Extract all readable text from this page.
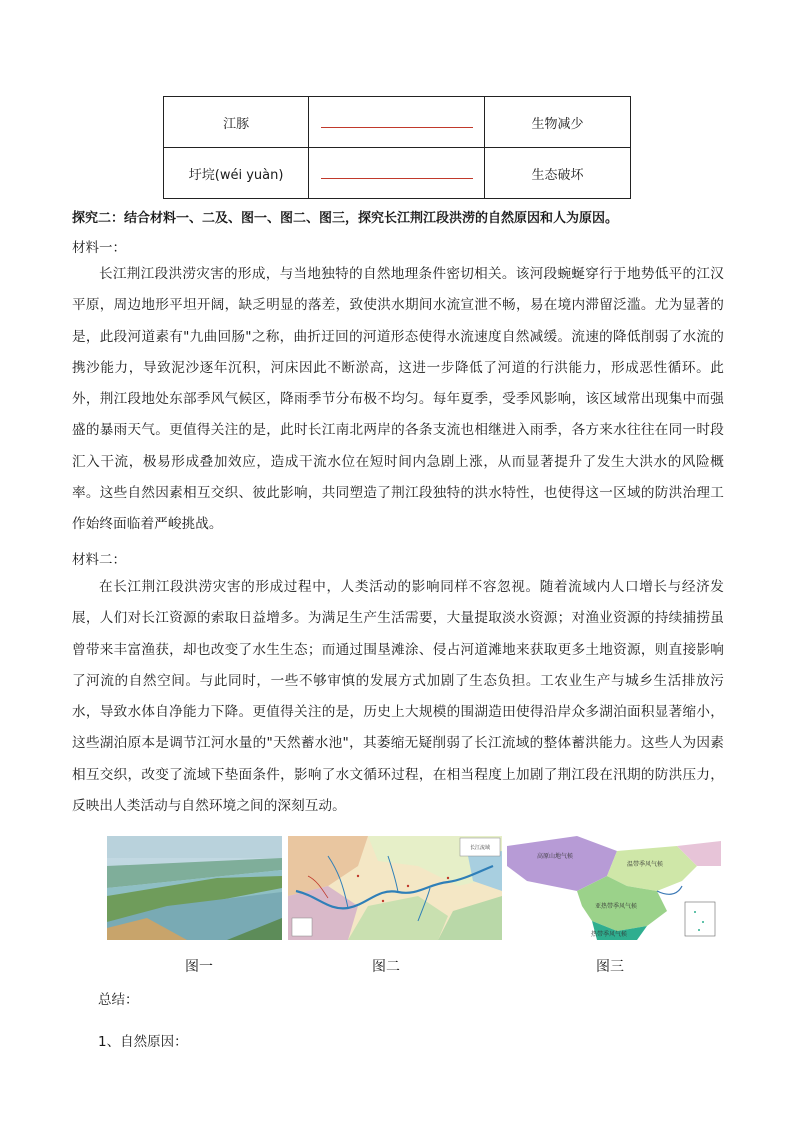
江豚		生物减少
圩垸(wéi yuàn)		生态破坏
探究二：结合材料一、二及、图一、图二、图三，探究长江荆江段洪涝的自然原因和人为原因。
材料一：

长江荆江段洪涝灾害的形成，与当地独特的自然地理条件密切相关。该河段蜿蜒穿行于地势低平的江汉平原，周边地形平坦开阔，缺乏明显的落差，致使洪水期间水流宣泄不畅，易在境内滞留泛滥。尤为显著的是，此段河道素有"九曲回肠"之称，曲折迂回的河道形态使得水流速度自然减缓。流速的降低削弱了水流的携沙能力，导致泥沙逐年沉积，河床因此不断淤高，这进一步降低了河道的行洪能力，形成恶性循环。此外，荆江段地处东部季风气候区，降雨季节分布极不均匀。每年夏季，受季风影响，该区域常出现集中而强盛的暴雨天气。更值得关注的是，此时长江南北两岸的各条支流也相继进入雨季，各方来水往往在同一时段汇入干流，极易形成叠加效应，造成干流水位在短时间内急剧上涨，从而显著提升了发生大洪水的风险概率。这些自然因素相互交织、彼此影响，共同塑造了荆江段独特的洪水特性，也使得这一区域的防洪治理工作始终面临着严峻挑战。

材料二：

在长江荆江段洪涝灾害的形成过程中，人类活动的影响同样不容忽视。随着流域内人口增长与经济发展，人们对长江资源的索取日益增多。为满足生产生活需要，大量提取淡水资源；对渔业资源的持续捕捞虽曾带来丰富渔获，却也改变了水生生态；而通过围垦滩涂、侵占河道滩地来获取更多土地资源，则直接影响了河流的自然空间。与此同时，一些不够审慎的发展方式加剧了生态负担。工农业生产与城乡生活排放污水，导致水体自净能力下降。更值得关注的是，历史上大规模的围湖造田使得沿岸众多湖泊面积显著缩小，这些湖泊原本是调节江河水量的"天然蓄水池"，其萎缩无疑削弱了长江流域的整体蓄洪能力。这些人为因素相互交织，改变了流域下垫面条件，影响了水文循环过程，在相当程度上加剧了荆江段在汛期的防洪压力，反映出人类活动与自然环境之间的深刻互动。

长江流域
高原山地气候
亚热带季风气候
热带季风气候
温带季风气候
图一	图二	图三
总结：
1、自然原因：
